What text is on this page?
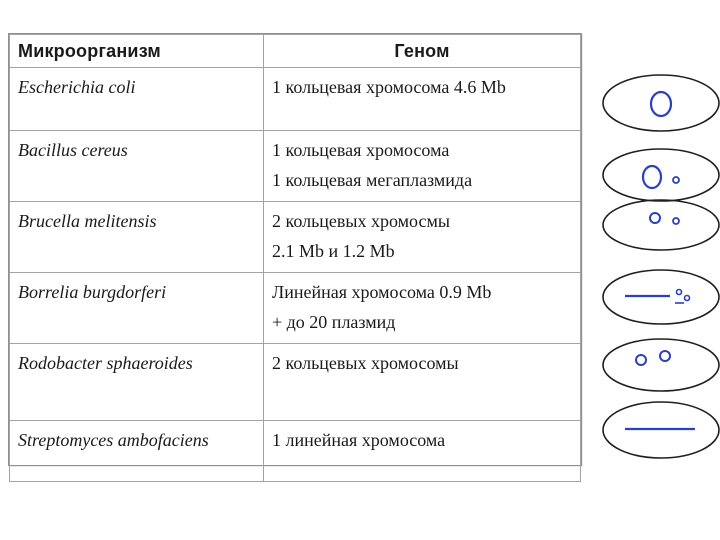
Микроорганизм	Геном
Escherichia coli	1 кольцевая хромосома 4.6 Mb

Bacillus cereus	1 кольцевая хромосома
1 кольцевая мегаплазмида

Brucella melitensis	2 кольцевых хромосмы
2.1 Mb и 1.2 Mb

Borrelia burgdorferi	Линейная хромосома 0.9 Mb
+ до 20 плазмид

Rodobacter sphaeroides	2 кольцевых хромосомы

Streptomyces ambofaciens	1 линейная хромосома
